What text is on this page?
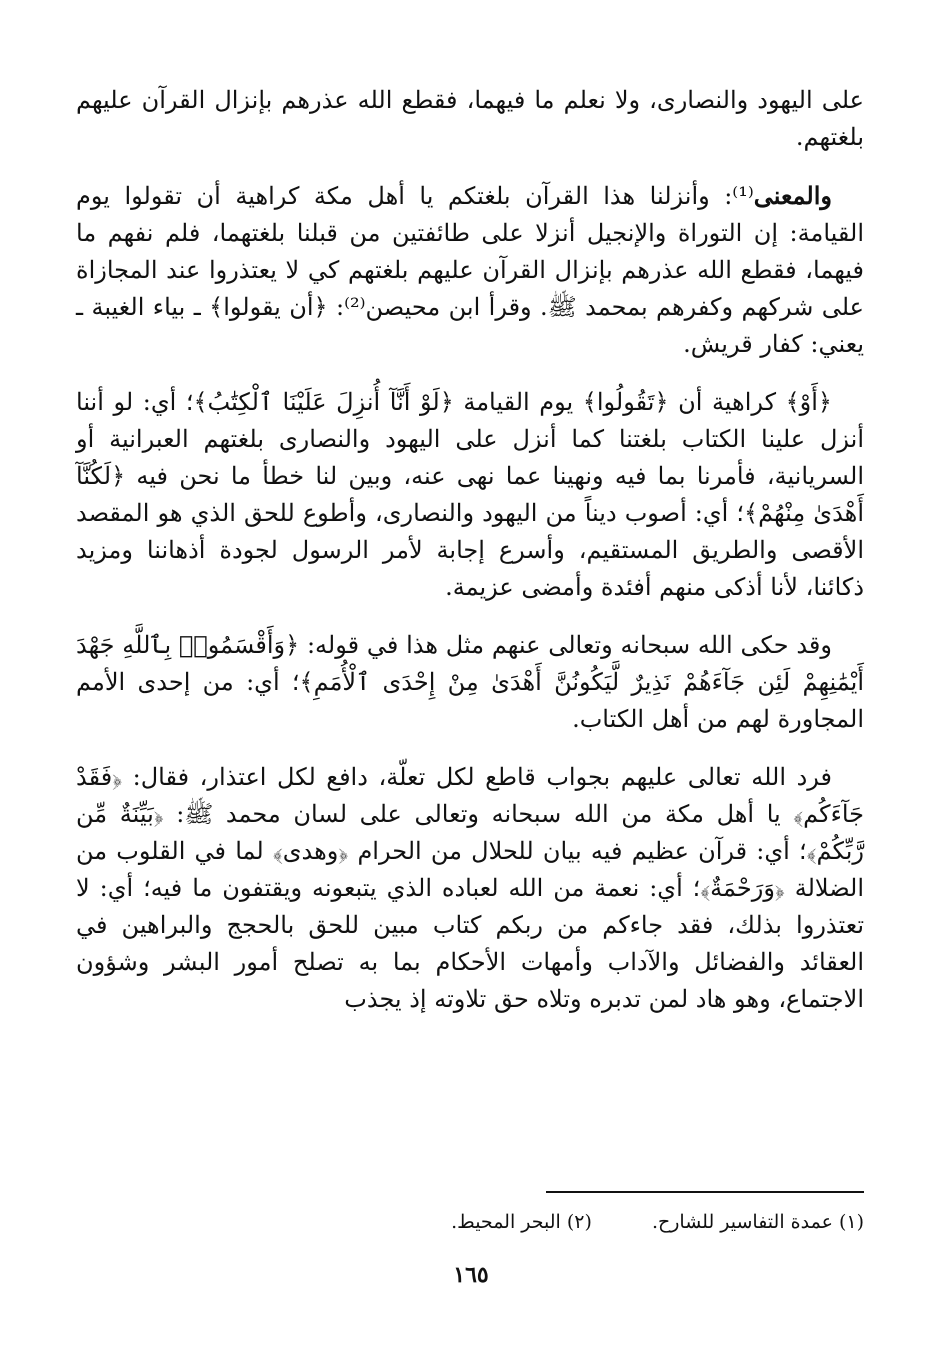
على اليهود والنصارى، ولا نعلم ما فيهما، فقطع الله عذرهم بإنزال القرآن عليهم بلغتهم.

والمعنى⁽¹⁾: وأنزلنا هذا القرآن بلغتكم يا أهل مكة كراهية أن تقولوا يوم القيامة: إن التوراة والإنجيل أنزلا على طائفتين من قبلنا بلغتهما، فلم نفهم ما فيهما، فقطع الله عذرهم بإنزال القرآن عليهم بلغتهم كي لا يعتذروا عند المجازاة على شركهم وكفرهم بمحمد ﷺ. وقرأ ابن محيصن⁽²⁾: ﴿أن يقولوا﴾ ـ بياء الغيبة ـ يعني: كفار قريش.

﴿أَوْ﴾ كراهية أن ﴿تَقُولُوا﴾ يوم القيامة ﴿لَوْ أَنَّآ أُنزِلَ عَلَيْنَا ٱلْكِتَٰبُ﴾؛ أي: لو أننا أنزل علينا الكتاب بلغتنا كما أنزل على اليهود والنصارى بلغتهم العبرانية أو السريانية، فأمرنا بما فيه ونهينا عما نهى عنه، وبين لنا خطأ ما نحن فيه ﴿لَكُنَّآ أَهْدَىٰ مِنْهُمْ﴾؛ أي: أصوب ديناً من اليهود والنصارى، وأطوع للحق الذي هو المقصد الأقصى والطريق المستقيم، وأسرع إجابة لأمر الرسول لجودة أذهاننا ومزيد ذكائنا، لأنا أذكى منهم أفئدة وأمضى عزيمة.

وقد حكى الله سبحانه وتعالى عنهم مثل هذا في قوله: ﴿وَأَقْسَمُوا۟ بِٱللَّهِ جَهْدَ أَيْمَٰنِهِمْ لَئِن جَآءَهُمْ نَذِيرٌ لَّيَكُونُنَّ أَهْدَىٰ مِنْ إِحْدَى ٱلْأُمَمِ﴾؛ أي: من إحدى الأمم المجاورة لهم من أهل الكتاب.

فرد الله تعالى عليهم بجواب قاطع لكل تعلّة، دافع لكل اعتذار، فقال: ﴿فَقَدْ جَآءَكُم﴾ يا أهل مكة من الله سبحانه وتعالى على لسان محمد ﷺ: ﴿بَيِّنَةٌ مِّن رَّبِّكُمْ﴾؛ أي: قرآن عظيم فيه بيان للحلال من الحرام ﴿وهدى﴾ لما في القلوب من الضلالة ﴿وَرَحْمَةٌ﴾؛ أي: نعمة من الله لعباده الذي يتبعونه ويقتفون ما فيه؛ أي: لا تعتذروا بذلك، فقد جاءكم من ربكم كتاب مبين للحق بالحجج والبراهين في العقائد والفضائل والآداب وأمهات الأحكام بما به تصلح أمور البشر وشؤون الاجتماع، وهو هاد لمن تدبره وتلاه حق تلاوته إذ يجذب

(١) عمدة التفاسير للشارح.
(٢) البحر المحيط.
١٦٥
